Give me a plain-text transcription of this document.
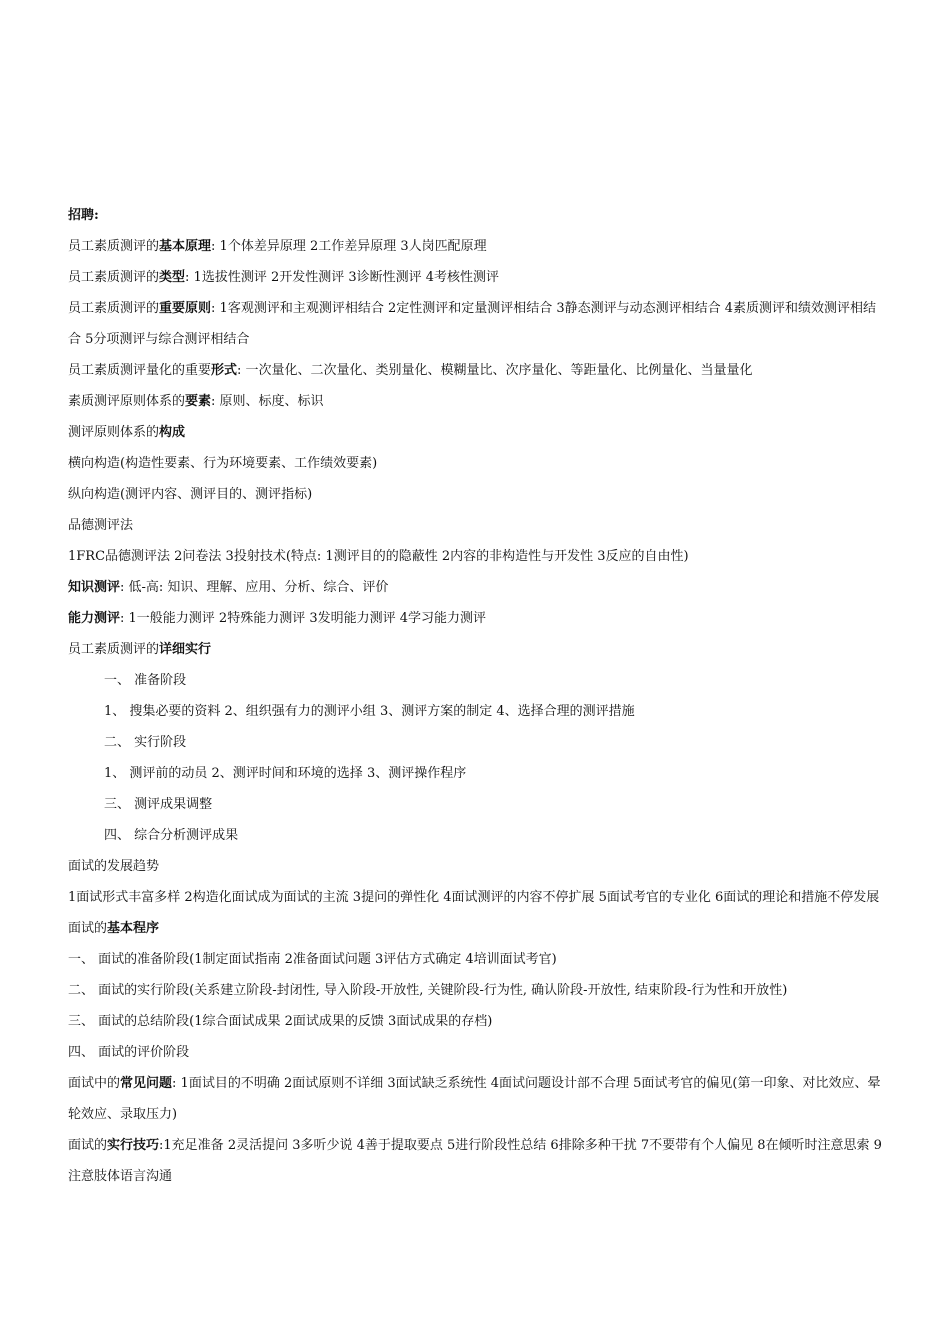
招聘:

员工素质测评的基本原理: 1个体差异原理 2工作差异原理 3人岗匹配原理

员工素质测评的类型: 1选拔性测评 2开发性测评 3诊断性测评 4考核性测评

员工素质测评的重要原则: 1客观测评和主观测评相结合 2定性测评和定量测评相结合 3静态测评与动态测评相结合 4素质测评和绩效测评相结合 5分项测评与综合测评相结合

员工素质测评量化的重要形式: 一次量化、二次量化、类别量化、模糊量比、次序量化、等距量化、比例量化、当量量化

素质测评原则体系的要素: 原则、标度、标识

测评原则体系的构成

横向构造(构造性要素、行为环境要素、工作绩效要素)

纵向构造(测评内容、测评目的、测评指标)

品德测评法

1FRC品德测评法 2问卷法 3投射技术(特点: 1测评目的的隐蔽性 2内容的非构造性与开发性 3反应的自由性)

知识测评: 低-高: 知识、理解、应用、分析、综合、评价

能力测评: 1一般能力测评 2特殊能力测评 3发明能力测评 4学习能力测评

员工素质测评的详细实行

一、 准备阶段

1、 搜集必要的资料 2、组织强有力的测评小组 3、测评方案的制定 4、选择合理的测评措施

二、 实行阶段

1、 测评前的动员 2、测评时间和环境的选择 3、测评操作程序

三、 测评成果调整

四、 综合分析测评成果

面试的发展趋势

1面试形式丰富多样 2构造化面试成为面试的主流 3提问的弹性化 4面试测评的内容不停扩展 5面试考官的专业化 6面试的理论和措施不停发展

面试的基本程序

一、 面试的准备阶段(1制定面试指南 2准备面试问题 3评估方式确定 4培训面试考官)

二、 面试的实行阶段(关系建立阶段-封闭性, 导入阶段-开放性, 关键阶段-行为性, 确认阶段-开放性, 结束阶段-行为性和开放性)

三、 面试的总结阶段(1综合面试成果 2面试成果的反馈 3面试成果的存档)

四、 面试的评价阶段

面试中的常见问题: 1面试目的不明确 2面试原则不详细 3面试缺乏系统性 4面试问题设计部不合理 5面试考官的偏见(第一印象、对比效应、晕轮效应、录取压力)

面试的实行技巧:1充足准备 2灵活提问 3多听少说 4善于提取要点 5进行阶段性总结 6排除多种干扰 7不要带有个人偏见 8在倾听时注意思索 9注意肢体语言沟通
